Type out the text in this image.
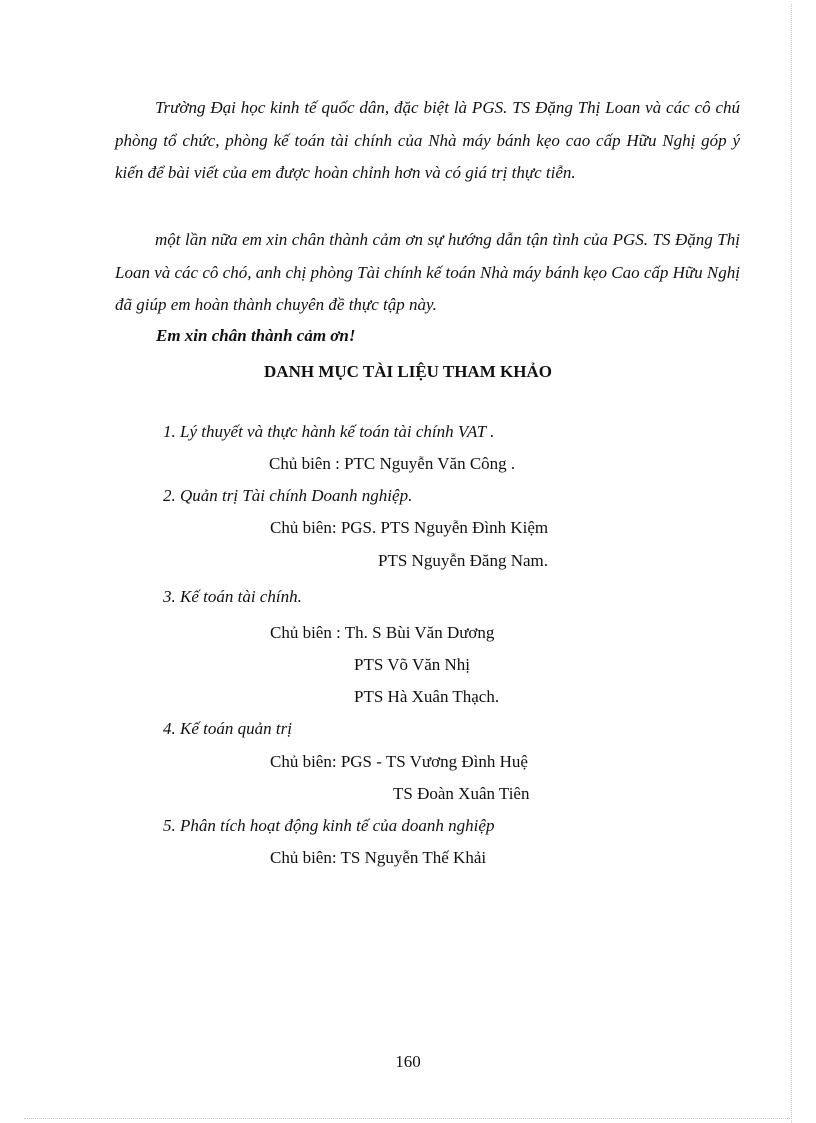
Trường Đại học kinh tế quốc dân, đặc biệt là PGS. TS Đặng Thị Loan và các cô chú phòng tổ chức, phòng kế toán tài chính của Nhà máy bánh kẹo cao cấp Hữu Nghị góp ý kiến để bài viết của em được hoàn chỉnh hơn và có giá trị thực tiễn.

một lần nữa em xin chân thành cảm ơn sự hướng dẫn tận tình của PGS. TS Đặng Thị Loan và các cô chó, anh chị phòng Tài chính kế toán Nhà máy bánh kẹo Cao cấp Hữu Nghị đã giúp em hoàn thành chuyên đề thực tập này.

Em xin chân thành cảm ơn!

DANH MỤC TÀI LIỆU THAM KHẢO

1. Lý thuyết và thực hành kế toán tài chính VAT .

Chủ biên : PTC Nguyễn Văn Công .

2. Quản trị Tài chính Doanh nghiệp.

Chủ biên: PGS. PTS Nguyễn Đình Kiệm

PTS Nguyễn Đăng Nam.

3. Kế toán tài chính.

Chủ biên : Th. S Bùi Văn Dương

PTS Võ Văn Nhị

PTS Hà Xuân Thạch.

4. Kế toán quản trị

Chủ biên: PGS - TS Vương Đình Huệ

TS Đoàn Xuân Tiên

5. Phân tích hoạt động kinh tế của doanh nghiệp

Chủ biên: TS Nguyễn Thế Khải

160
